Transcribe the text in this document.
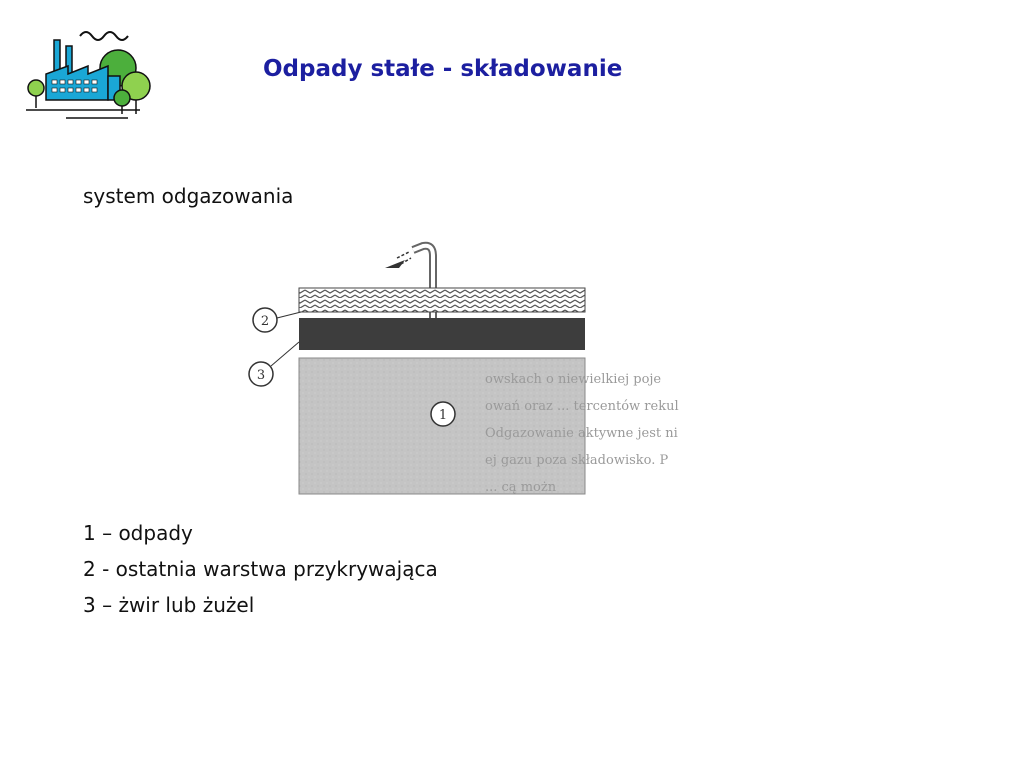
Odpady stałe - składowanie
system odgazowania
owskach o niewielkiej poje
owań oraz ... tercentów rekul
Odgazowanie aktywne jest ni
ej gazu poza składowisko. P
... cą możn
1
2
3
1 – odpady
2 - ostatnia warstwa przykrywająca
3 – żwir lub żużel
